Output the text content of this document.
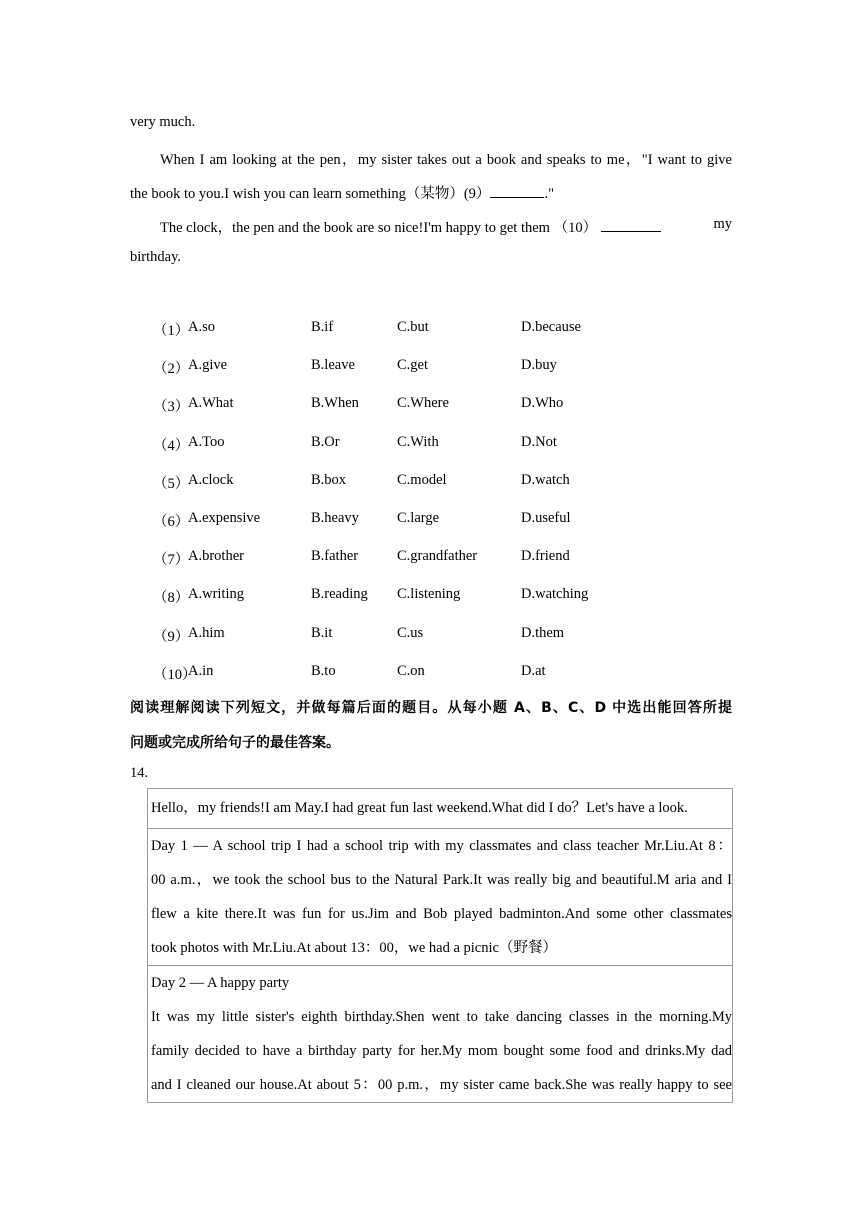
very much.
When I am looking at the pen，my sister takes out a book and speaks to me，"I want to give
the book to you.I wish you can learn something（某物）(9）	."
The clock，the pen and the book are so nice!I'm happy to get them （10）	my
birthday.
（1）
A.so	B.if	C.but	D.because
（2）
A.give	B.leave	C.get	D.buy
（3）
A.What	B.When	C.Where	D.Who
（4）
A.Too	B.Or	C.With	D.Not
（5）
A.clock	B.box	C.model	D.watch
（6）
A.expensive	B.heavy	C.large	D.useful
（7）
A.brother	B.father	C.grandfather	D.friend
（8）
A.writing	B.reading C.listening	D.watching
（9）
A.him	B.it	C.us	D.them
（10）
A.in	B.to	C.on	D.at
阅读理解阅读下列短文，并做每篇后面的题目。从每小题 A、B、C、D 中选出能回答所提
问题或完成所给句子的最佳答案。
14.
Hello，my friends!I am May.I had great fun last weekend.What did I do？Let's have a look.

Day 1 — A school trip I had a school trip with my classmates and class teacher Mr.Liu.At 8：
00 a.m.，we took the school bus to the Natural Park.It was really big and beautiful.M aria and I
flew a kite there.It was fun for us.Jim and Bob played badminton.And some other classmates
took photos with Mr.Liu.At about 13：00，we had a picnic（野餐）

Day 2 — A happy party
It was my little sister's eighth birthday.Shen went to take dancing classes in the morning.My
family decided to have a birthday party for her.My mom bought some food and drinks.My dad
and I cleaned our house.At about 5：00 p.m.，my sister came back.She was really happy to see
